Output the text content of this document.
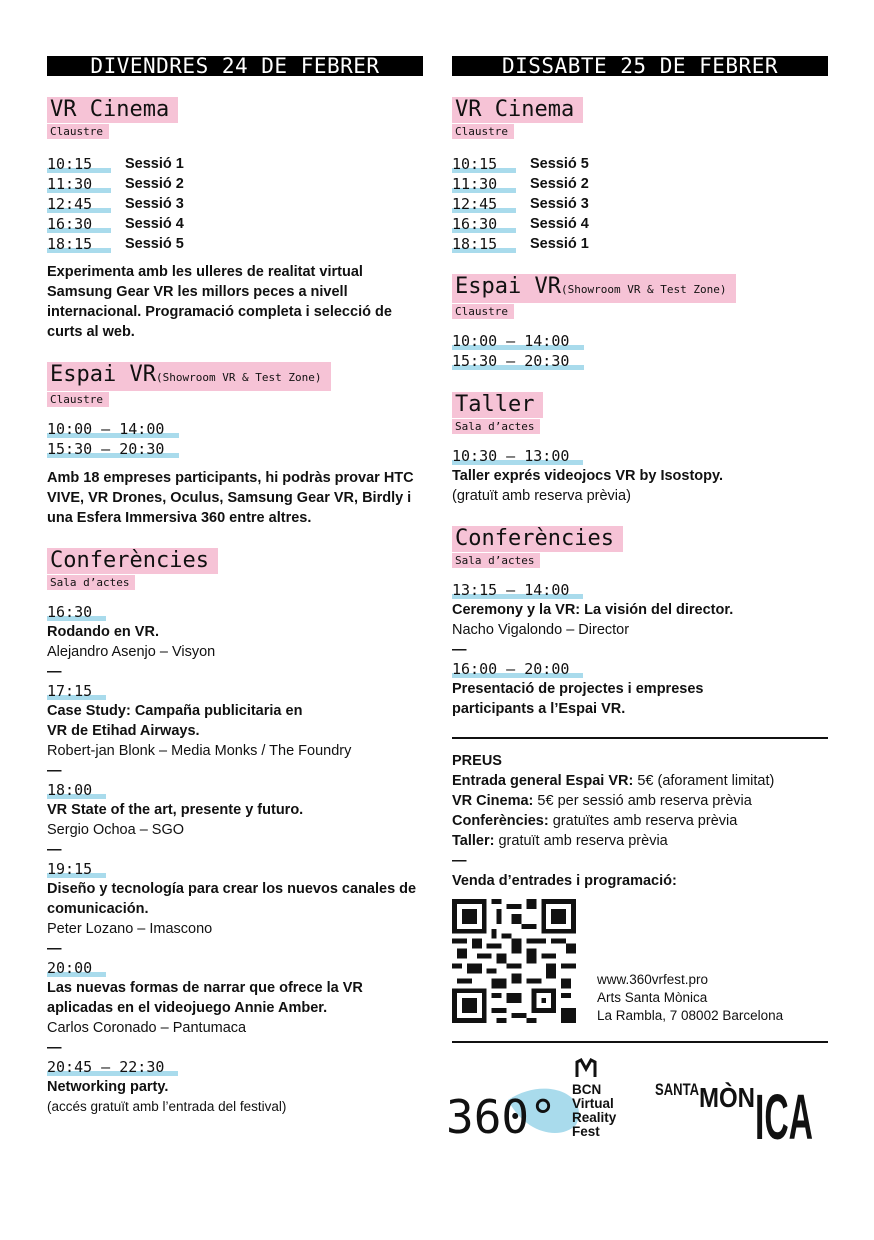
DIVENDRES 24 DE FEBRER
VR Cinema
Claustre
10:15	Sessió 1
11:30	Sessió 2
12:45	Sessió 3
16:30	Sessió 4
18:15	Sessió 5

Experimenta amb les ulleres de realitat virtual Samsung Gear VR les millors peces a nivell internacional. Programació completa i selecció de curts al web.

Espai VR(Showroom VR & Test Zone)
Claustre
10:00 – 14:00
15:30 – 20:30

Amb 18 empreses participants, hi podràs provar HTC VIVE, VR Drones, Oculus, Samsung Gear VR, Birdly i una Esfera Immersiva 360 entre altres.

Conferències
Sala d’actes
16:30
Rodando en VR.
Alejandro Asenjo – Visyon
—
17:15
Case Study: Campaña publicitaria en VR de Etihad Airways.
Robert-jan Blonk – Media Monks / The Foundry
—
18:00
VR State of the art, presente y futuro.
Sergio Ochoa – SGO
—
19:15
Diseño y tecnología para crear los nuevos canales de comunicación.
Peter Lozano – Imascono
—
20:00
Las nuevas formas de narrar que ofrece la VR aplicadas en el videojuego Annie Amber.
Carlos Coronado – Pantumaca
—
20:45 – 22:30
Networking party.
(accés gratuït amb l’entrada del festival)
DISSABTE 25 DE FEBRER
VR Cinema
Claustre
10:15	Sessió 5
11:30	Sessió 2
12:45	Sessió 3
16:30	Sessió 4
18:15	Sessió 1
Espai VR(Showroom VR & Test Zone)
Claustre
10:00 – 14:00
15:30 – 20:30
Taller
Sala d’actes
10:30 – 13:00
Taller exprés videojocs VR by Isostopy.
(gratuït amb reserva prèvia)
Conferències
Sala d’actes
13:15 – 14:00
Ceremony y la VR: La visión del director.
Nacho Vigalondo – Director
—
16:00 – 20:00
Presentació de projectes i empreses participants a l’Espai VR.
PREUS
Entrada general Espai VR: 5€ (aforament limitat)
VR Cinema: 5€ per sessió amb reserva prèvia
Conferències: gratuïtes amb reserva prèvia
Taller: gratuït amb reserva prèvia
—
Venda d’entrades i programació:
www.360vrfest.pro
Arts Santa Mònica
La Rambla, 7 08002 Barcelona
360°
BCN
Virtual
Reality
Fest
SANTA MÒN ICA
